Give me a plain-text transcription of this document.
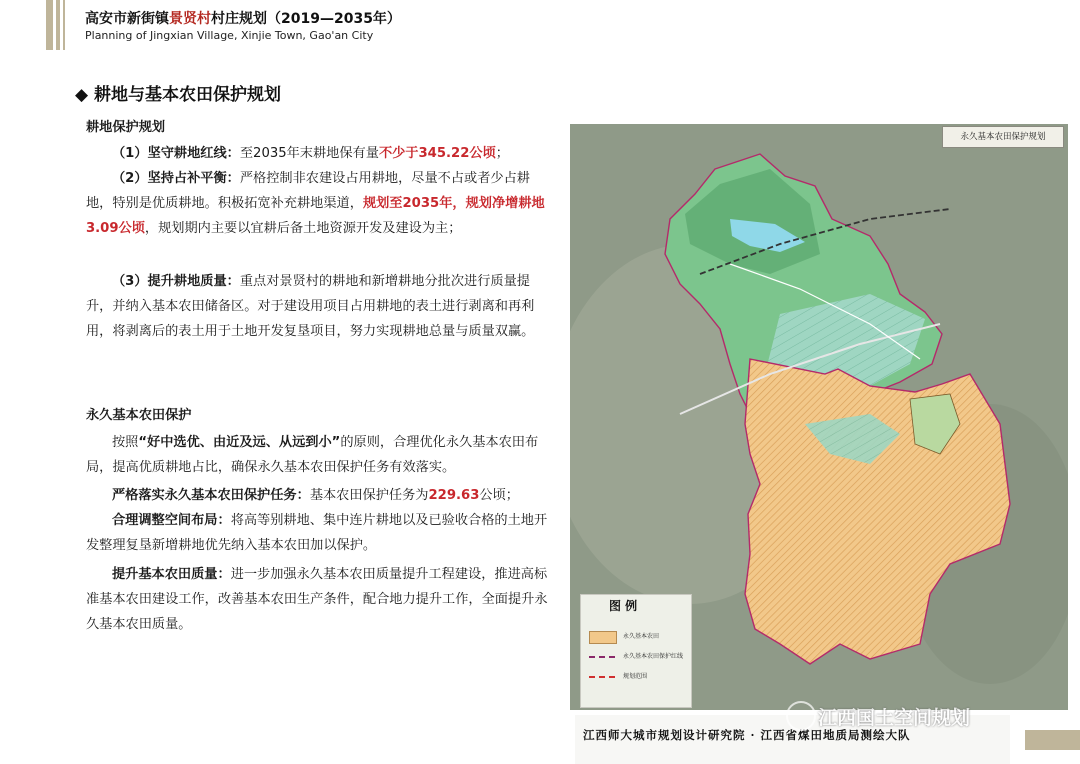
高安市新街镇景贤村村庄规划（2019—2035年）
Planning of Jingxian Village, Xinjie Town, Gao'an City
◆ 耕地与基本农田保护规划
耕地保护规划
（1）坚守耕地红线：至2035年末耕地保有量不少于345.22公顷；
（2）坚持占补平衡：严格控制非农建设占用耕地，尽量不占或者少占耕地，特别是优质耕地。积极拓宽补充耕地渠道，规划至2035年，规划净增耕地3.09公顷，规划期内主要以宜耕后备土地资源开发及建设为主；
（3）提升耕地质量：重点对景贤村的耕地和新增耕地分批次进行质量提升，并纳入基本农田储备区。对于建设用项目占用耕地的表土进行剥离和再利用，将剥离后的表土用于土地开发复垦项目，努力实现耕地总量与质量双赢。
永久基本农田保护
按照“好中选优、由近及远、从远到小”的原则，合理优化永久基本农田布局，提高优质耕地占比，确保永久基本农田保护任务有效落实。
严格落实永久基本农田保护任务：基本农田保护任务为229.63公顷；
合理调整空间布局：将高等别耕地、集中连片耕地以及已验收合格的土地开发整理复垦新增耕地优先纳入基本农田加以保护。
提升基本农田质量：进一步加强永久基本农田质量提升工程建设，推进高标准基本农田建设工作，改善基本农田生产条件，配合地力提升工作，全面提升永久基本农田质量。
永久基本农田保护规划
图 例
永久基本农田
永久基本农田保护红线
规划范围
江西师大城市规划设计研究院 · 江西省煤田地质局测绘大队
江西国土空间规划
